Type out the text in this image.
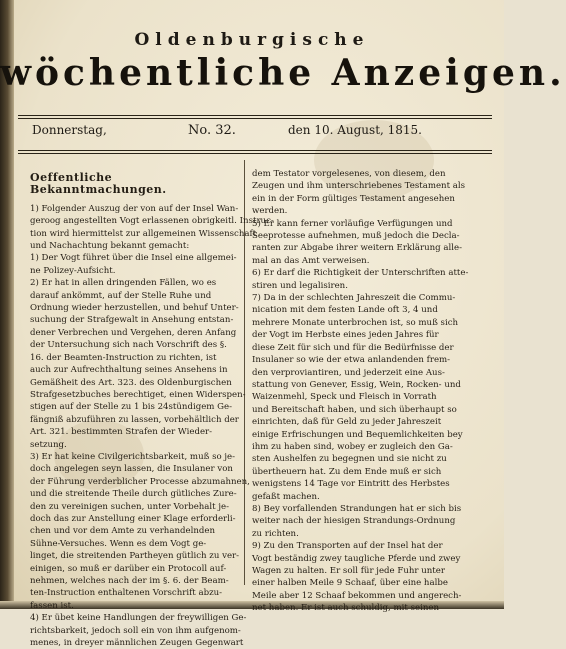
Oldenburgische
wöchentliche Anzeigen.
Donnerstag,	No. 32.	den 10. August, 1815.
Oeffentliche Bekanntmachungen.

1) Folgender Auszug der von auf der Insel Wan-

geroog angestellten Vogt erlassenen obrigkeitl. Instruc-

tion wird hiermittelst zur allgemeinen Wissenschaft

und Nachachtung bekannt gemacht:

1) Der Vogt führet über die Insel eine allgemei-

ne Polizey-Aufsicht.

2) Er hat in allen dringenden Fällen, wo es

darauf ankömmt, auf der Stelle Ruhe und

Ordnung wieder herzustellen, und behuf Unter-

suchung der Strafgewalt in Ansehung entstan-

dener Verbrechen und Vergehen, deren Anfang

der Untersuchung sich nach Vorschrift des §.

16. der Beamten-Instruction zu richten, ist

auch zur Aufrechthaltung seines Ansehens in

Gemäßheit des Art. 323. des Oldenburgischen

Strafgesetzbuches berechtiget, einen Widerspen-

stigen auf der Stelle zu 1 bis 24stündigem Ge-

fängniß abzuführen zu lassen, vorbehältlich der

Art. 321. bestimmten Strafen der Wieder-

setzung.

3) Er hat keine Civilgerichtsbarkeit, muß so je-

doch angelegen seyn lassen, die Insulaner von

der Führung verderblicher Processe abzumahnen,

und die streitende Theile durch gütliches Zure-

den zu vereinigen suchen, unter Vorbehalt je-

doch das zur Anstellung einer Klage erforderli-

chen und vor dem Amte zu verhandelnden

Sühne-Versuches. Wenn es dem Vogt ge-

linget, die streitenden Partheyen gütlich zu ver-

einigen, so muß er darüber ein Protocoll auf-

nehmen, welches nach der im §. 6. der Beam-

ten-Instruction enthaltenen Vorschrift abzu-

fassen ist.

4) Er übet keine Handlungen der freywilligen Ge-

richtsbarkeit, jedoch soll ein von ihm aufgenom-

menes, in dreyer männlichen Zeugen Gegenwart

dem Testator vorgelesenes, von diesem, den

Zeugen und ihm unterschriebenes Testament als

ein in der Form gültiges Testament angesehen

werden.

5) Er kann ferner vorläufige Verfügungen und

Seeprotesse aufnehmen, muß jedoch die Decla-

ranten zur Abgabe ihrer weitern Erklärung alle-

mal an das Amt verweisen.

6) Er darf die Richtigkeit der Unterschriften atte-

stiren und legalisiren.

7) Da in der schlechten Jahreszeit die Commu-

nication mit dem festen Lande oft 3, 4 und

mehrere Monate unterbrochen ist, so muß sich

der Vogt im Herbste eines jeden Jahres für

diese Zeit für sich und für die Bedürfnisse der

Insulaner so wie der etwa anlandenden frem-

den verproviantiren, und jederzeit eine Aus-

stattung von Genever, Essig, Wein, Rocken- und

Waizenmehl, Speck und Fleisch in Vorrath

und Bereitschaft haben, und sich überhaupt so

einrichten, daß für Geld zu jeder Jahreszeit

einige Erfrischungen und Bequemlichkeiten bey

ihm zu haben sind, wobey er zugleich den Ga-

sten Aushelfen zu begegnen und sie nicht zu

übertheuern hat. Zu dem Ende muß er sich

wenigstens 14 Tage vor Eintritt des Herbstes

gefaßt machen.

8) Bey vorfallenden Strandungen hat er sich bis

weiter nach der hiesigen Strandungs-Ordnung

zu richten.

9) Zu den Transporten auf der Insel hat der

Vogt beständig zwey taugliche Pferde und zwey

Wagen zu halten. Er soll für jede Fuhr unter

einer halben Meile 9 Schaaf, über eine halbe

Meile aber 12 Schaaf bekommen und angerech-

net haben. Er ist auch schuldig, mit seinen
